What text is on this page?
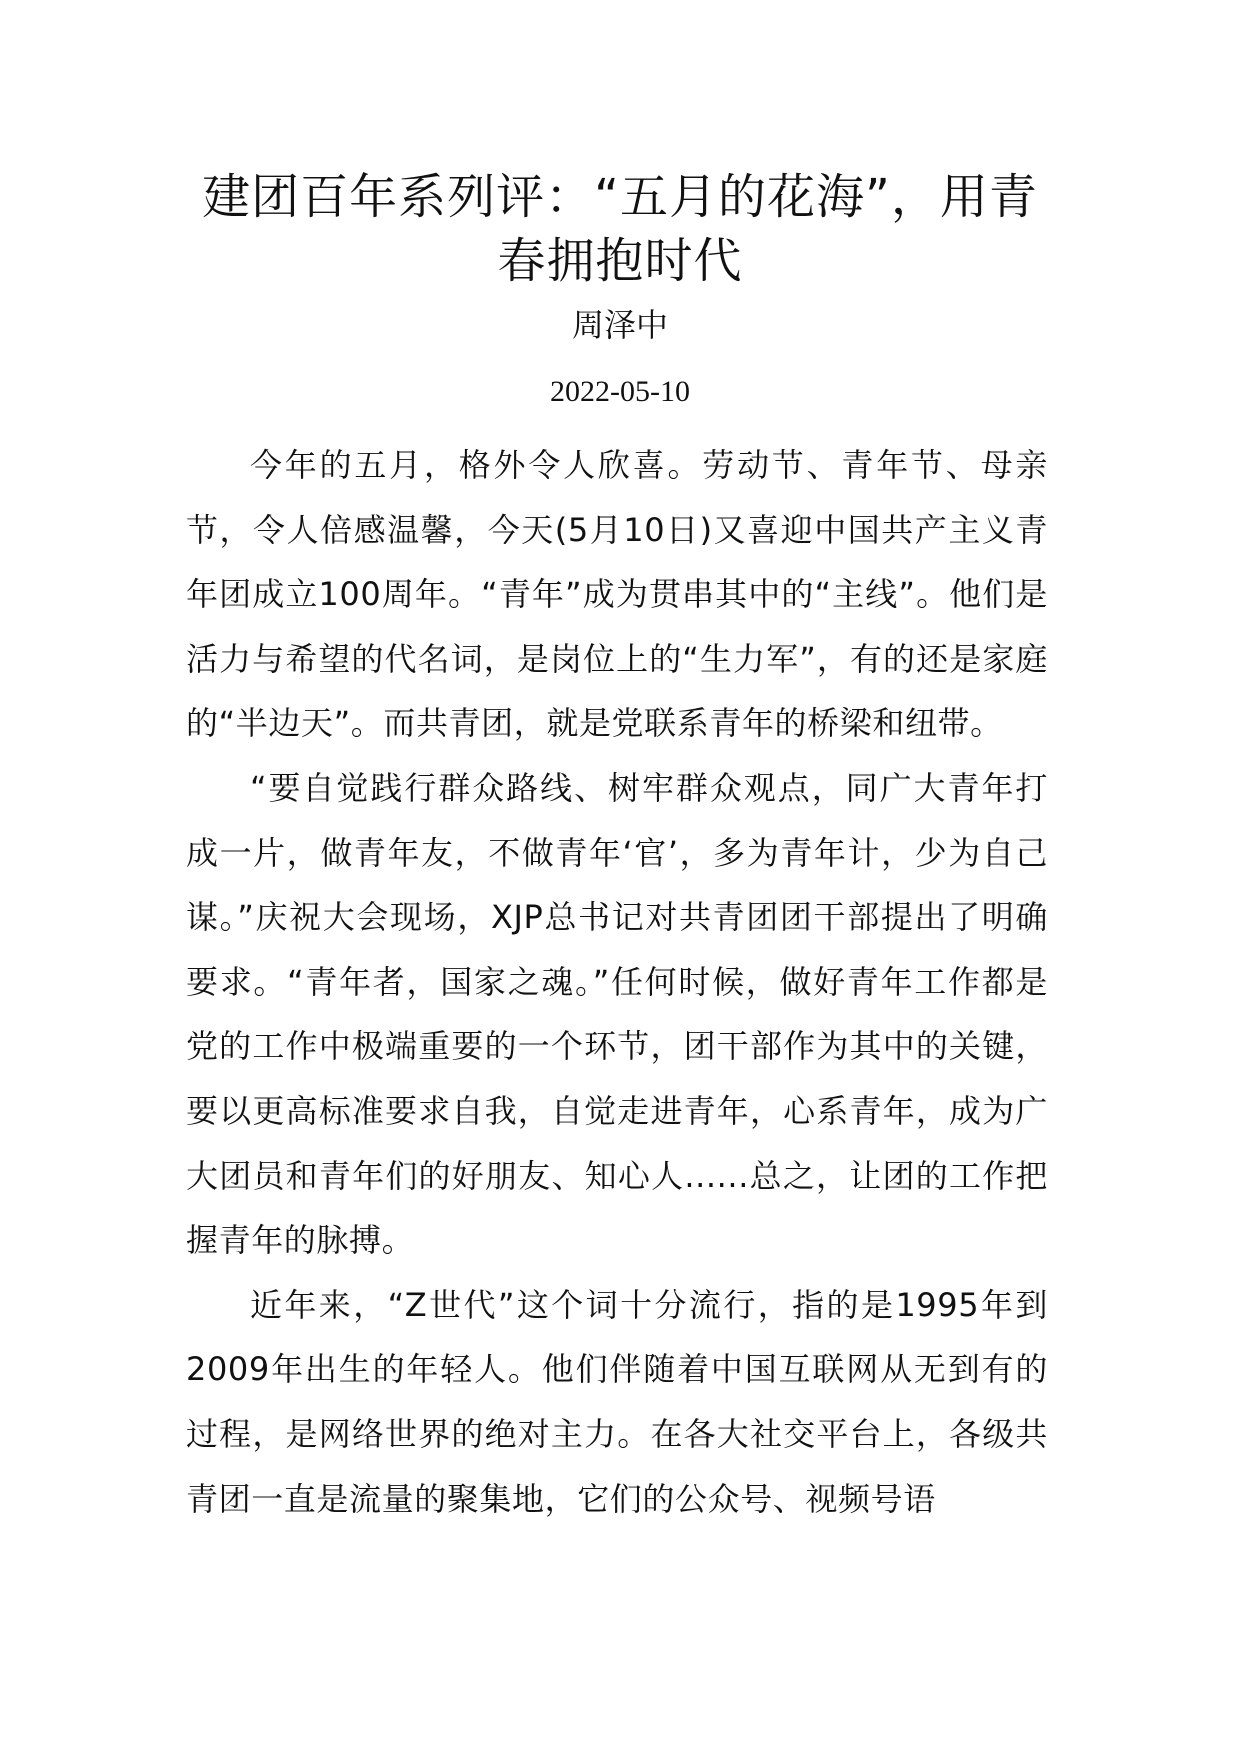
建团百年系列评：“五月的花海”，用青春拥抱时代
周泽中
2022-05-10

今年的五月，格外令人欣喜。劳动节、青年节、母亲节，令人倍感温馨，今天(5月10日)又喜迎中国共产主义青年团成立100周年。“青年”成为贯串其中的“主线”。他们是活力与希望的代名词，是岗位上的“生力军”，有的还是家庭的“半边天”。而共青团，就是党联系青年的桥梁和纽带。

“要自觉践行群众路线、树牢群众观点，同广大青年打成一片，做青年友，不做青年‘官’，多为青年计，少为自己谋。”庆祝大会现场，XJP总书记对共青团团干部提出了明确要求。“青年者，国家之魂。”任何时候，做好青年工作都是党的工作中极端重要的一个环节，团干部作为其中的关键，要以更高标准要求自我，自觉走进青年，心系青年，成为广大团员和青年们的好朋友、知心人......总之，让团的工作把握青年的脉搏。

近年来，“Z世代”这个词十分流行，指的是1995年到2009年出生的年轻人。他们伴随着中国互联网从无到有的过程，是网络世界的绝对主力。在各大社交平台上，各级共青团一直是流量的聚集地，它们的公众号、视频号语
